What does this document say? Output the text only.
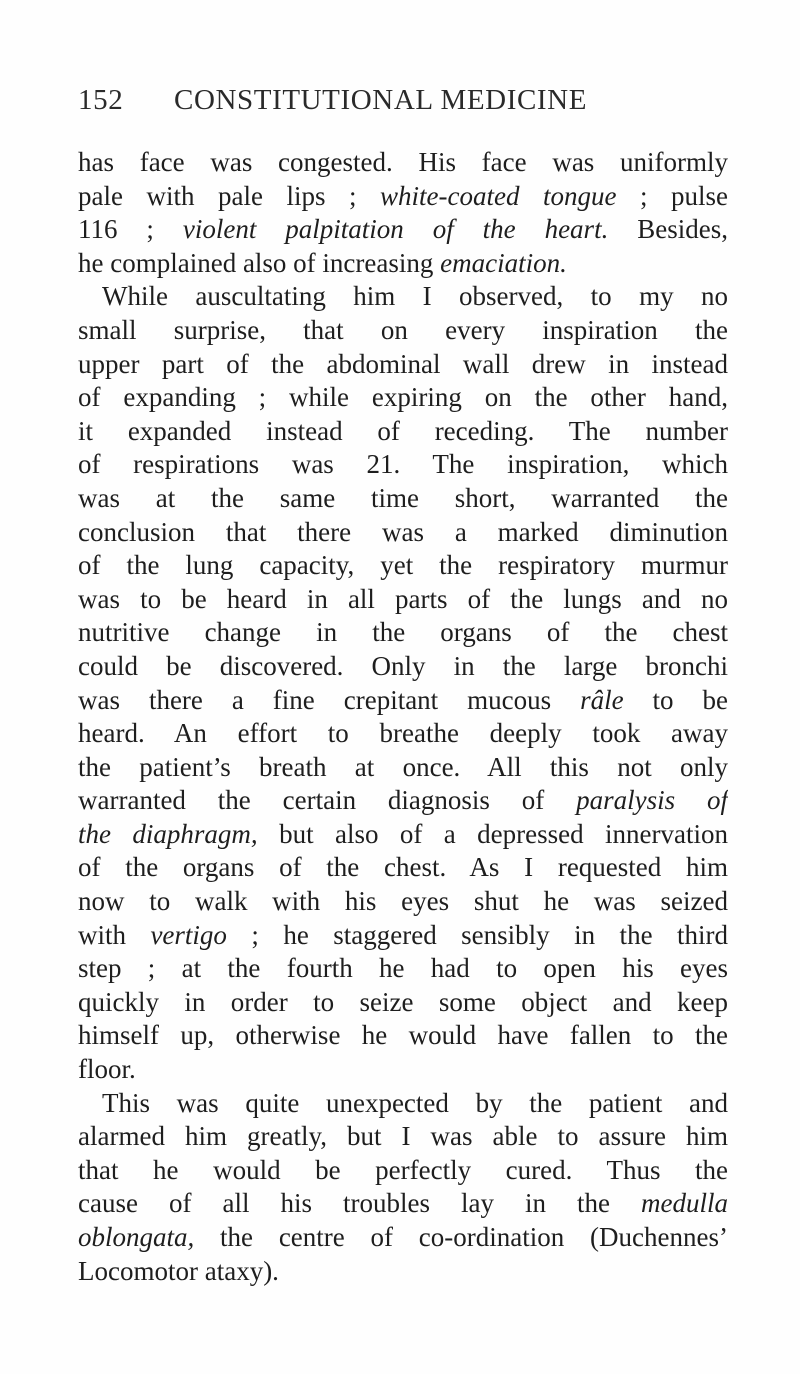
152 CONSTITUTIONAL MEDICINE
has face was congested. His face was uniformly
pale with pale lips ; white-coated tongue ; pulse
116 ; violent palpitation of the heart. Besides,
he complained also of increasing emaciation.
While auscultating him I observed, to my no
small surprise, that on every inspiration the
upper part of the abdominal wall drew in instead
of expanding ; while expiring on the other hand,
it expanded instead of receding. The number
of respirations was 21. The inspiration, which
was at the same time short, warranted the
conclusion that there was a marked diminution
of the lung capacity, yet the respiratory murmur
was to be heard in all parts of the lungs and no
nutritive change in the organs of the chest
could be discovered. Only in the large bronchi
was there a fine crepitant mucous râle to be
heard. An effort to breathe deeply took away
the patient’s breath at once. All this not only
warranted the certain diagnosis of paralysis of
the diaphragm, but also of a depressed innervation
of the organs of the chest. As I requested him
now to walk with his eyes shut he was seized
with vertigo ; he staggered sensibly in the third
step ; at the fourth he had to open his eyes
quickly in order to seize some object and keep
himself up, otherwise he would have fallen to the
floor.
This was quite unexpected by the patient and
alarmed him greatly, but I was able to assure him
that he would be perfectly cured. Thus the
cause of all his troubles lay in the medulla
oblongata, the centre of co-ordination (Duchennes’
Locomotor ataxy).
